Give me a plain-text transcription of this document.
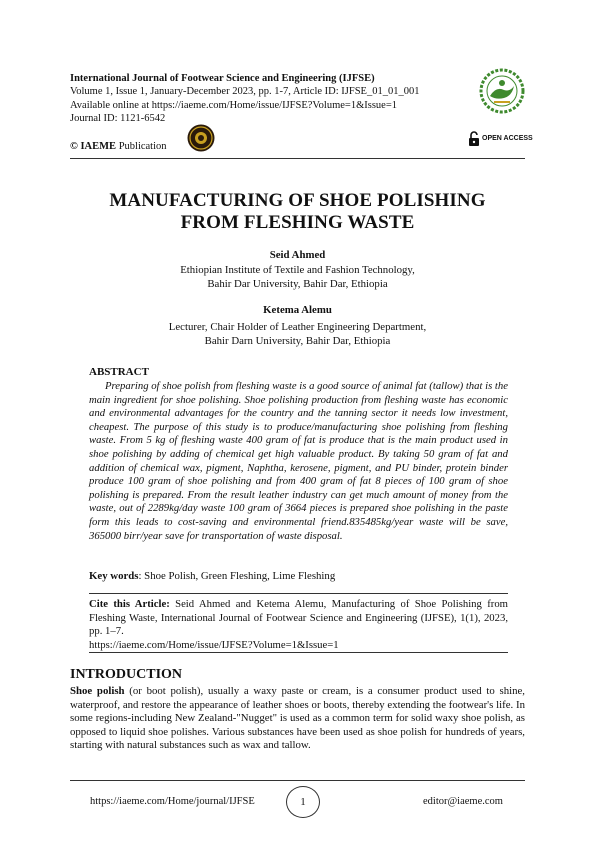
International Journal of Footwear Science and Engineering (IJFSE)
Volume 1, Issue 1, January-December 2023, pp. 1-7, Article ID: IJFSE_01_01_001
Available online at https://iaeme.com/Home/issue/IJFSE?Volume=1&Issue=1
Journal ID: 1121-6542
© IAEME Publication
OPEN ACCESS
MANUFACTURING OF SHOE POLISHING
FROM FLESHING WASTE
Seid Ahmed
Ethiopian Institute of Textile and Fashion Technology,
Bahir Dar University, Bahir Dar, Ethiopia
Ketema Alemu
Lecturer, Chair Holder of Leather Engineering Department,
Bahir Darn University, Bahir Dar, Ethiopia
ABSTRACT
Preparing of shoe polish from fleshing waste is a good source of animal fat (tallow) that is the main ingredient for shoe polishing. Shoe polishing production from fleshing waste has economic and environmental advantages for the country and the tanning sector it needs low investment, cheapest. The purpose of this study is to produce/manufacturing shoe polishing from fleshing waste. From 5 kg of fleshing waste 400 gram of fat is produce that is the main product used in shoe polishing by adding of chemical get high valuable product. By taking 50 gram of fat and addition of chemical wax, pigment, Naphtha, kerosene, pigment, and PU binder, protein binder produce 100 gram of shoe polishing and from 400 gram of fat 8 pieces of 100 gram of shoe polishing is prepared. From the result leather industry can get much amount of money from the waste, out of 2289kg/day waste 100 gram of 3664 pieces is prepared shoe polishing in the paste form this leads to cost-saving and environmental friend.835485kg/year waste will be save, 365000 birr/year save for transportation of waste disposal.
Key words: Shoe Polish, Green Fleshing, Lime Fleshing
Cite this Article: Seid Ahmed and Ketema Alemu, Manufacturing of Shoe Polishing from Fleshing Waste, International Journal of Footwear Science and Engineering (IJFSE), 1(1), 2023, pp. 1–7.
https://iaeme.com/Home/issue/IJFSE?Volume=1&Issue=1
INTRODUCTION
Shoe polish (or boot polish), usually a waxy paste or cream, is a consumer product used to shine, waterproof, and restore the appearance of leather shoes or boots, thereby extending the footwear's life. In some regions-including New Zealand-"Nugget" is used as a common term for solid waxy shoe polish, as opposed to liquid shoe polishes. Various substances have been used as shoe polish for hundreds of years, starting with natural substances such as wax and tallow.
https://iaeme.com/Home/journal/IJFSE	1	editor@iaeme.com
